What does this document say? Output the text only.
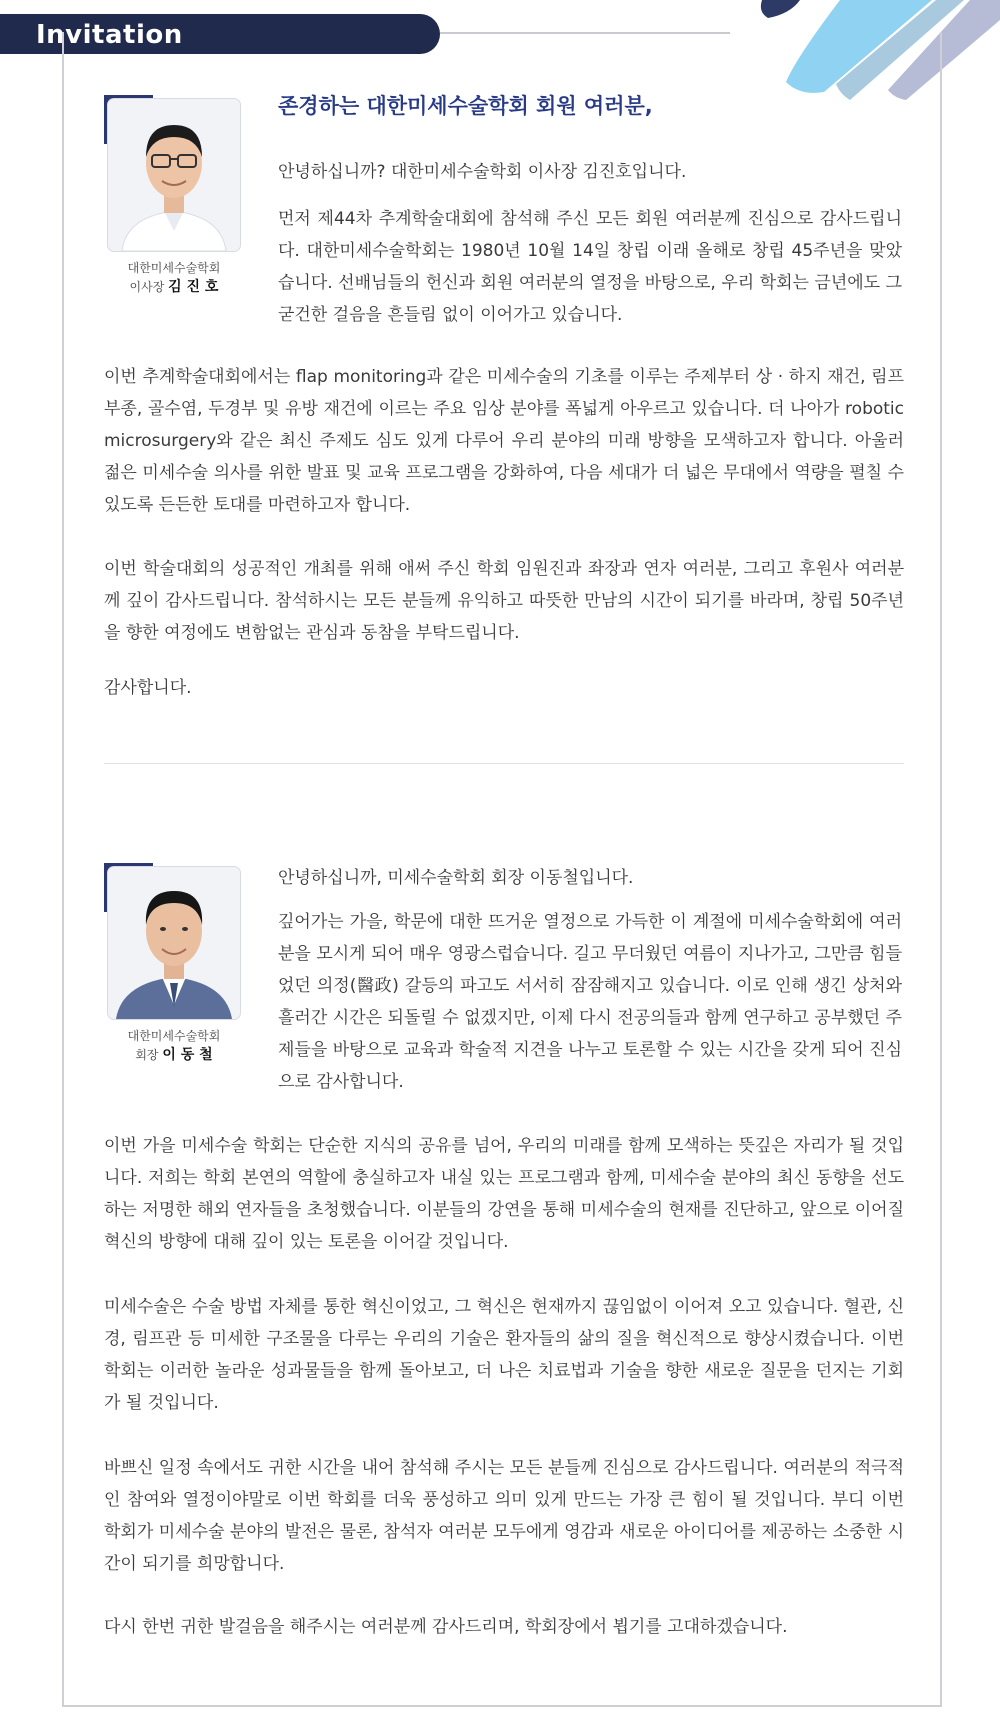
Invitation
대한미세수술학회
이사장 김 진 호
존경하는 대한미세수술학회 회원 여러분,

안녕하십니까? 대한미세수술학회 이사장 김진호입니다.

먼저 제44차 추계학술대회에 참석해 주신 모든 회원 여러분께 진심으로 감사드립니다. 대한미세수술학회는 1980년 10월 14일 창립 이래 올해로 창립 45주년을 맞았습니다. 선배님들의 헌신과 회원 여러분의 열정을 바탕으로, 우리 학회는 금년에도 그 굳건한 걸음을 흔들림 없이 이어가고 있습니다.

이번 추계학술대회에서는 flap monitoring과 같은 미세수술의 기초를 이루는 주제부터 상 · 하지 재건, 림프부종, 골수염, 두경부 및 유방 재건에 이르는 주요 임상 분야를 폭넓게 아우르고 있습니다. 더 나아가 robotic microsurgery와 같은 최신 주제도 심도 있게 다루어 우리 분야의 미래 방향을 모색하고자 합니다. 아울러 젊은 미세수술 의사를 위한 발표 및 교육 프로그램을 강화하여, 다음 세대가 더 넓은 무대에서 역량을 펼칠 수 있도록 든든한 토대를 마련하고자 합니다.

이번 학술대회의 성공적인 개최를 위해 애써 주신 학회 임원진과 좌장과 연자 여러분, 그리고 후원사 여러분께 깊이 감사드립니다. 참석하시는 모든 분들께 유익하고 따뜻한 만남의 시간이 되기를 바라며, 창립 50주년을 향한 여정에도 변함없는 관심과 동참을 부탁드립니다.

감사합니다.

대한미세수술학회
회장 이 동 철

안녕하십니까, 미세수술학회 회장 이동철입니다.

깊어가는 가을, 학문에 대한 뜨거운 열정으로 가득한 이 계절에 미세수술학회에 여러분을 모시게 되어 매우 영광스럽습니다. 길고 무더웠던 여름이 지나가고, 그만큼 힘들었던 의정(醫政) 갈등의 파고도 서서히 잠잠해지고 있습니다. 이로 인해 생긴 상처와 흘러간 시간은 되돌릴 수 없겠지만, 이제 다시 전공의들과 함께 연구하고 공부했던 주제들을 바탕으로 교육과 학술적 지견을 나누고 토론할 수 있는 시간을 갖게 되어 진심으로 감사합니다.

이번 가을 미세수술 학회는 단순한 지식의 공유를 넘어, 우리의 미래를 함께 모색하는 뜻깊은 자리가 될 것입니다. 저희는 학회 본연의 역할에 충실하고자 내실 있는 프로그램과 함께, 미세수술 분야의 최신 동향을 선도하는 저명한 해외 연자들을 초청했습니다. 이분들의 강연을 통해 미세수술의 현재를 진단하고, 앞으로 이어질 혁신의 방향에 대해 깊이 있는 토론을 이어갈 것입니다.

미세수술은 수술 방법 자체를 통한 혁신이었고, 그 혁신은 현재까지 끊임없이 이어져 오고 있습니다. 혈관, 신경, 림프관 등 미세한 구조물을 다루는 우리의 기술은 환자들의 삶의 질을 혁신적으로 향상시켰습니다. 이번 학회는 이러한 놀라운 성과물들을 함께 돌아보고, 더 나은 치료법과 기술을 향한 새로운 질문을 던지는 기회가 될 것입니다.

바쁘신 일정 속에서도 귀한 시간을 내어 참석해 주시는 모든 분들께 진심으로 감사드립니다. 여러분의 적극적인 참여와 열정이야말로 이번 학회를 더욱 풍성하고 의미 있게 만드는 가장 큰 힘이 될 것입니다. 부디 이번 학회가 미세수술 분야의 발전은 물론, 참석자 여러분 모두에게 영감과 새로운 아이디어를 제공하는 소중한 시간이 되기를 희망합니다.

다시 한번 귀한 발걸음을 해주시는 여러분께 감사드리며, 학회장에서 뵙기를 고대하겠습니다.
